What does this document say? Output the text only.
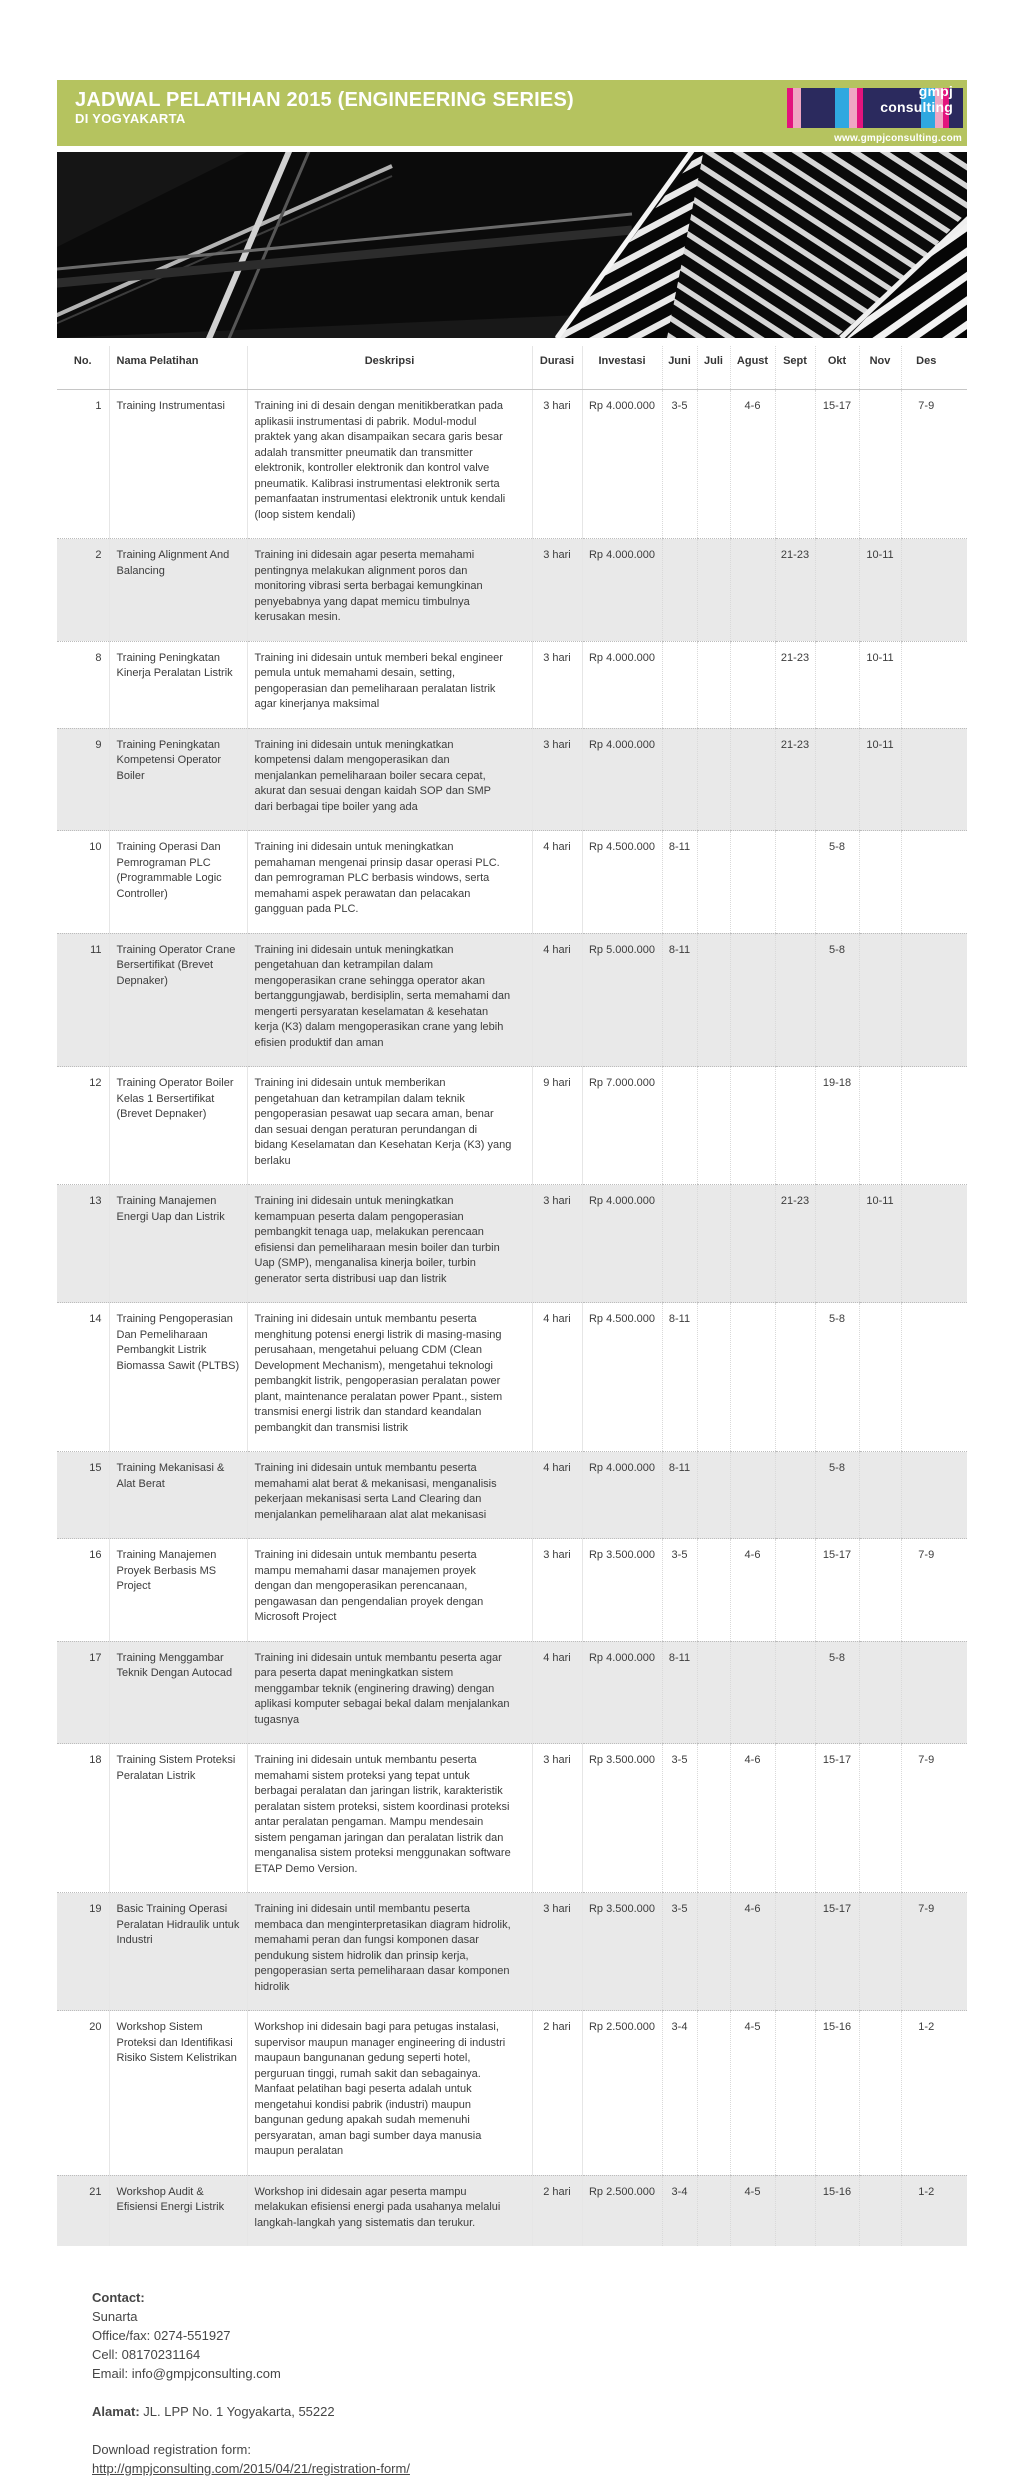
JADWAL PELATIHAN 2015 (ENGINEERING SERIES)
DI YOGYAKARTA
gmpj
consulting
www.gmpjconsulting.com
No.	Nama Pelatihan	Deskripsi	Durasi	Investasi	Juni	Juli	Agust	Sept	Okt	Nov	Des
1	Training Instrumentasi	Training ini di desain dengan menitikberatkan pada aplikasii instrumentasi di pabrik. Modul-modul praktek yang akan disampaikan secara garis besar adalah transmitter pneumatik dan transmitter elektronik, kontroller elektronik dan kontrol valve pneumatik. Kalibrasi instrumentasi elektronik serta pemanfaatan instrumentasi elektronik untuk kendali (loop sistem kendali)	3 hari	Rp 4.000.000	3-5		4-6		15-17		7-9
2	Training Alignment And Balancing	Training ini didesain agar peserta memahami pentingnya melakukan alignment poros dan monitoring vibrasi serta berbagai kemungkinan penyebabnya yang dapat memicu timbulnya kerusakan mesin.	3 hari	Rp 4.000.000				21-23		10-11	
8	Training Peningkatan Kinerja Peralatan Listrik	Training ini didesain untuk memberi bekal engineer pemula untuk memahami desain, setting, pengoperasian dan pemeliharaan peralatan listrik agar kinerjanya maksimal	3 hari	Rp 4.000.000				21-23		10-11	
9	Training Peningkatan Kompetensi Operator Boiler	Training ini didesain untuk meningkatkan kompetensi dalam mengoperasikan dan menjalankan pemeliharaan boiler secara cepat, akurat dan sesuai dengan kaidah SOP dan SMP dari berbagai tipe boiler yang ada	3 hari	Rp 4.000.000				21-23		10-11	
10	Training Operasi Dan Pemrograman PLC (Programmable Logic Controller)	Training ini didesain untuk meningkatkan pemahaman mengenai prinsip dasar operasi PLC. dan pemrograman PLC berbasis windows, serta memahami aspek perawatan dan pelacakan gangguan pada PLC.	4 hari	Rp 4.500.000	8-11				5-8		
11	Training Operator Crane Bersertifikat (Brevet Depnaker)	Training ini didesain untuk meningkatkan pengetahuan dan ketrampilan dalam mengoperasikan crane sehingga operator akan bertanggungjawab, berdisiplin, serta memahami dan mengerti persyaratan keselamatan & kesehatan kerja (K3) dalam mengoperasikan crane yang lebih efisien produktif dan aman	4 hari	Rp 5.000.000	8-11				5-8		
12	Training Operator Boiler Kelas 1 Bersertifikat (Brevet Depnaker)	Training ini didesain untuk memberikan pengetahuan dan ketrampilan dalam teknik pengoperasian pesawat uap secara aman, benar dan sesuai dengan peraturan perundangan di bidang Keselamatan dan Kesehatan Kerja (K3) yang berlaku	9 hari	Rp 7.000.000					19-18		
13	Training Manajemen Energi Uap dan Listrik	Training ini didesain untuk meningkatkan kemampuan peserta dalam pengoperasian pembangkit tenaga uap, melakukan perencaan efisiensi dan pemeliharaan mesin boiler dan turbin Uap (SMP), menganalisa kinerja boiler, turbin generator serta distribusi uap dan listrik	3 hari	Rp 4.000.000				21-23		10-11	
14	Training Pengoperasian Dan Pemeliharaan Pembangkit Listrik Biomassa Sawit (PLTBS)	Training ini didesain untuk membantu peserta menghitung potensi energi listrik di masing-masing perusahaan, mengetahui peluang CDM (Clean Development Mechanism), mengetahui teknologi pembangkit listrik, pengoperasian peralatan power plant, maintenance peralatan power Ppant., sistem transmisi energi listrik dan standard keandalan pembangkit dan transmisi listrik	4 hari	Rp 4.500.000	8-11				5-8		
15	Training Mekanisasi & Alat Berat	Training ini didesain untuk membantu peserta memahami alat berat & mekanisasi, menganalisis pekerjaan mekanisasi serta Land Clearing dan menjalankan pemeliharaan alat alat mekanisasi	4 hari	Rp 4.000.000	8-11				5-8		
16	Training Manajemen Proyek Berbasis MS Project	Training ini didesain untuk membantu peserta mampu memahami dasar manajemen proyek dengan dan mengoperasikan perencanaan, pengawasan dan pengendalian proyek dengan Microsoft Project	3 hari	Rp 3.500.000	3-5		4-6		15-17		7-9
17	Training Menggambar Teknik Dengan Autocad	Training ini didesain untuk membantu peserta agar para peserta dapat meningkatkan sistem menggambar teknik (enginering drawing) dengan aplikasi komputer sebagai bekal dalam menjalankan tugasnya	4 hari	Rp 4.000.000	8-11				5-8		
18	Training Sistem Proteksi Peralatan Listrik	Training ini didesain untuk membantu peserta memahami sistem proteksi yang tepat untuk berbagai peralatan dan jaringan listrik, karakteristik peralatan sistem proteksi, sistem koordinasi proteksi antar peralatan pengaman. Mampu mendesain sistem pengaman jaringan dan peralatan listrik dan menganalisa sistem proteksi menggunakan software ETAP Demo Version.	3 hari	Rp 3.500.000	3-5		4-6		15-17		7-9
19	Basic Training Operasi Peralatan Hidraulik untuk Industri	Training ini didesain until membantu peserta membaca dan menginterpretasikan diagram hidrolik, memahami peran dan fungsi komponen dasar pendukung sistem hidrolik dan prinsip kerja, pengoperasian serta pemeliharaan dasar komponen hidrolik	3 hari	Rp 3.500.000	3-5		4-6		15-17		7-9
20	Workshop Sistem Proteksi dan Identifikasi Risiko Sistem Kelistrikan	Workshop ini didesain bagi para petugas instalasi, supervisor maupun manager engineering di industri maupaun bangunanan gedung seperti hotel, perguruan tinggi, rumah sakit dan sebagainya. Manfaat pelatihan bagi peserta adalah untuk mengetahui kondisi pabrik (industri) maupun bangunan gedung apakah sudah memenuhi persyaratan, aman bagi sumber daya manusia maupun peralatan	2 hari	Rp 2.500.000	3-4		4-5		15-16		1-2
21	Workshop Audit & Efisiensi Energi Listrik	Workshop ini didesain agar peserta mampu melakukan efisiensi energi pada usahanya melalui langkah-langkah yang sistematis dan terukur.	2 hari	Rp 2.500.000	3-4		4-5		15-16		1-2
Contact:
Sunarta
Office/fax: 0274-551927
Cell: 08170231164
Email: info@gmpjconsulting.com
Alamat: JL. LPP No. 1 Yogyakarta, 55222
Download registration form:
http://gmpjconsulting.com/2015/04/21/registration-form/
